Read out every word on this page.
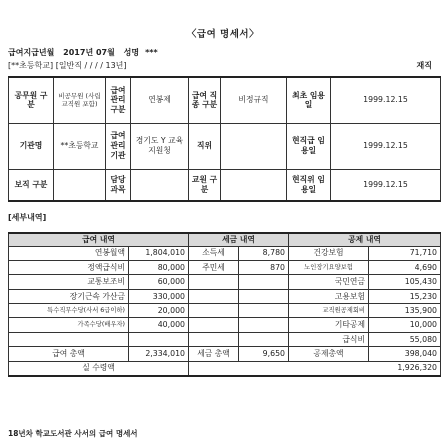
〈급여 명세서〉
급여지급년월 2017년 07월 성명 ***
[**초등학교] [일반직 / / / / 13년]	재직
공무원 구분	비공무원 (사립교직원 포함)	급여 관리 구분	연봉제	급여 직종 구분	비정규직	최초 임용일	1999.12.15
기관명	**초등학교	급여 관리 기관	경기도 Y 교육지원청	직위		현직급 임용일	1999.12.15
보직 구분		담당 과목		교원 구분		현직위 임용일	1999.12.15
[세부내역]
급여 내역		세금 내역		공제 내역	
연봉월액	1,804,010	소득세	8,780	건강보험	71,710
정액급식비	80,000	주민세	870	노인장기요양보험	4,690
교통보조비	60,000			국민연금	105,430
장기근속 가산금	330,000			고용보험	15,230
특수직무수당(사서 6급이하)	20,000			교직원공제회비	135,900
가족수당(배우자)	40,000			기타공제	10,000
				급식비	55,080
급여 총액	2,334,010	세금 총액	9,650	공제총액	398,040
실 수령액		1,926,320			
18년차 학교도서관 사서의 급여 명세서
